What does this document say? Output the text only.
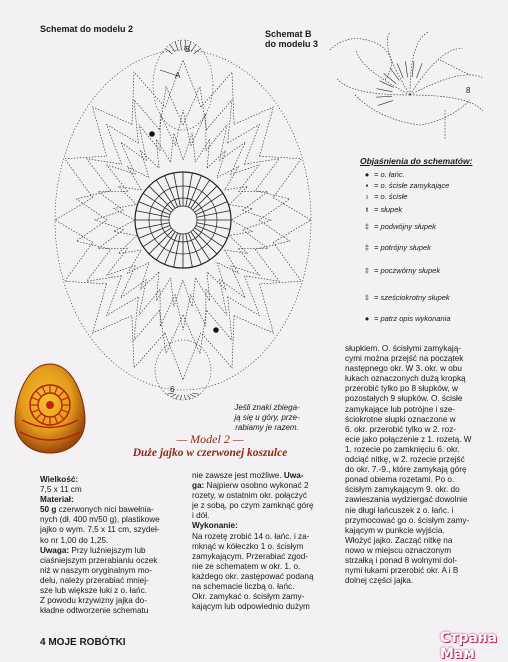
Schemat do modelu 2	Schemat B
do modelu 3
B
A
6
8
Objaśnienia do schematów:
● = o. łańc.
▪ = o. ścisłe zamykające
ı = o. ścisłe
ŧ = słupek
‡ = podwójny słupek
‡ = potrójny słupek
‡ = poczwórny słupek
‡ = sześciokrotny słupek
● = patrz opis wykonania
Jeśli znaki zbiega-
ją się u góry, prze-
rabiamy je razem.
— Model 2 —
Duże jajko w czerwonej koszulce
Wielkość:
7,5 x 11 cm
Materiał:
50 g czerwonych nici bawełnia-
nych (dł. 400 m/50 g), plastikowe
jajko o wym. 7,5 x 11 cm, szydeł-
ko nr 1,00 do 1,25.
Uwaga: Przy luźniejszym lub
ciaśniejszym przerabianiu oczek
niż w naszym oryginalnym mo-
delu, należy przerabiać mniej-
sze lub większe łuki z o. łańc.
Z powodu krzywizny jajka do-
kładne odtworzenie schematu
nie zawsze jest możliwe. Uwa-
ga: Najpierw osobno wykonać 2
rozety, w ostatnim okr. połączyć
je z sobą, po czym zamknąć górę
i dół.
Wykonanie:
Na rozetę zrobić 14 o. łańc. i za-
mknąć w kółeczko 1 o. ścisłym
zamykającym. Przerabiać zgod-
nie ze schematem w okr. 1. o.
każdego okr. zastępować podaną
na schemacie liczbą o. łańc.
Okr. zamykać o. ścisłym zamy-
kającym lub odpowiednio dużym
słupkiem. O. ścisłymi zamykają-
cymi można przejść na początek
następnego okr. W 3. okr. w obu
łukach oznaczonych dużą kropką
przerobić tylko po 8 słupków, w
pozostałych 9 słupków. O. ścisłe
zamykające lub potrójne i sze-
ściokrotne słupki oznaczone w
6. okr. przerobić tylko w 2. roz-
ecie jako połączenie z 1. rozetą. W
1. rozecie po zamknięciu 6. okr.
odciąć nitkę, w 2. rozecie przejść
do okr. 7.-9., które zamykają górę
ponad obiema rozetami. Po o.
ścisłym zamykającym 9. okr. do
zawieszania wydziergać dowolnie
nie długi łańcuszek z o. łańc. i
przymocować go o. ścisłym zamy-
kającym w punkcie wyjścia.
Włożyć jajko. Zacząć nitkę na
nowo w miejscu oznaczonym
strzałką i ponad 8 wolnymi dol-
nymi łukami przerobić okr. A i B
dolnej części jajka.
4 MOJE ROBÓTKI	Страна Мам
